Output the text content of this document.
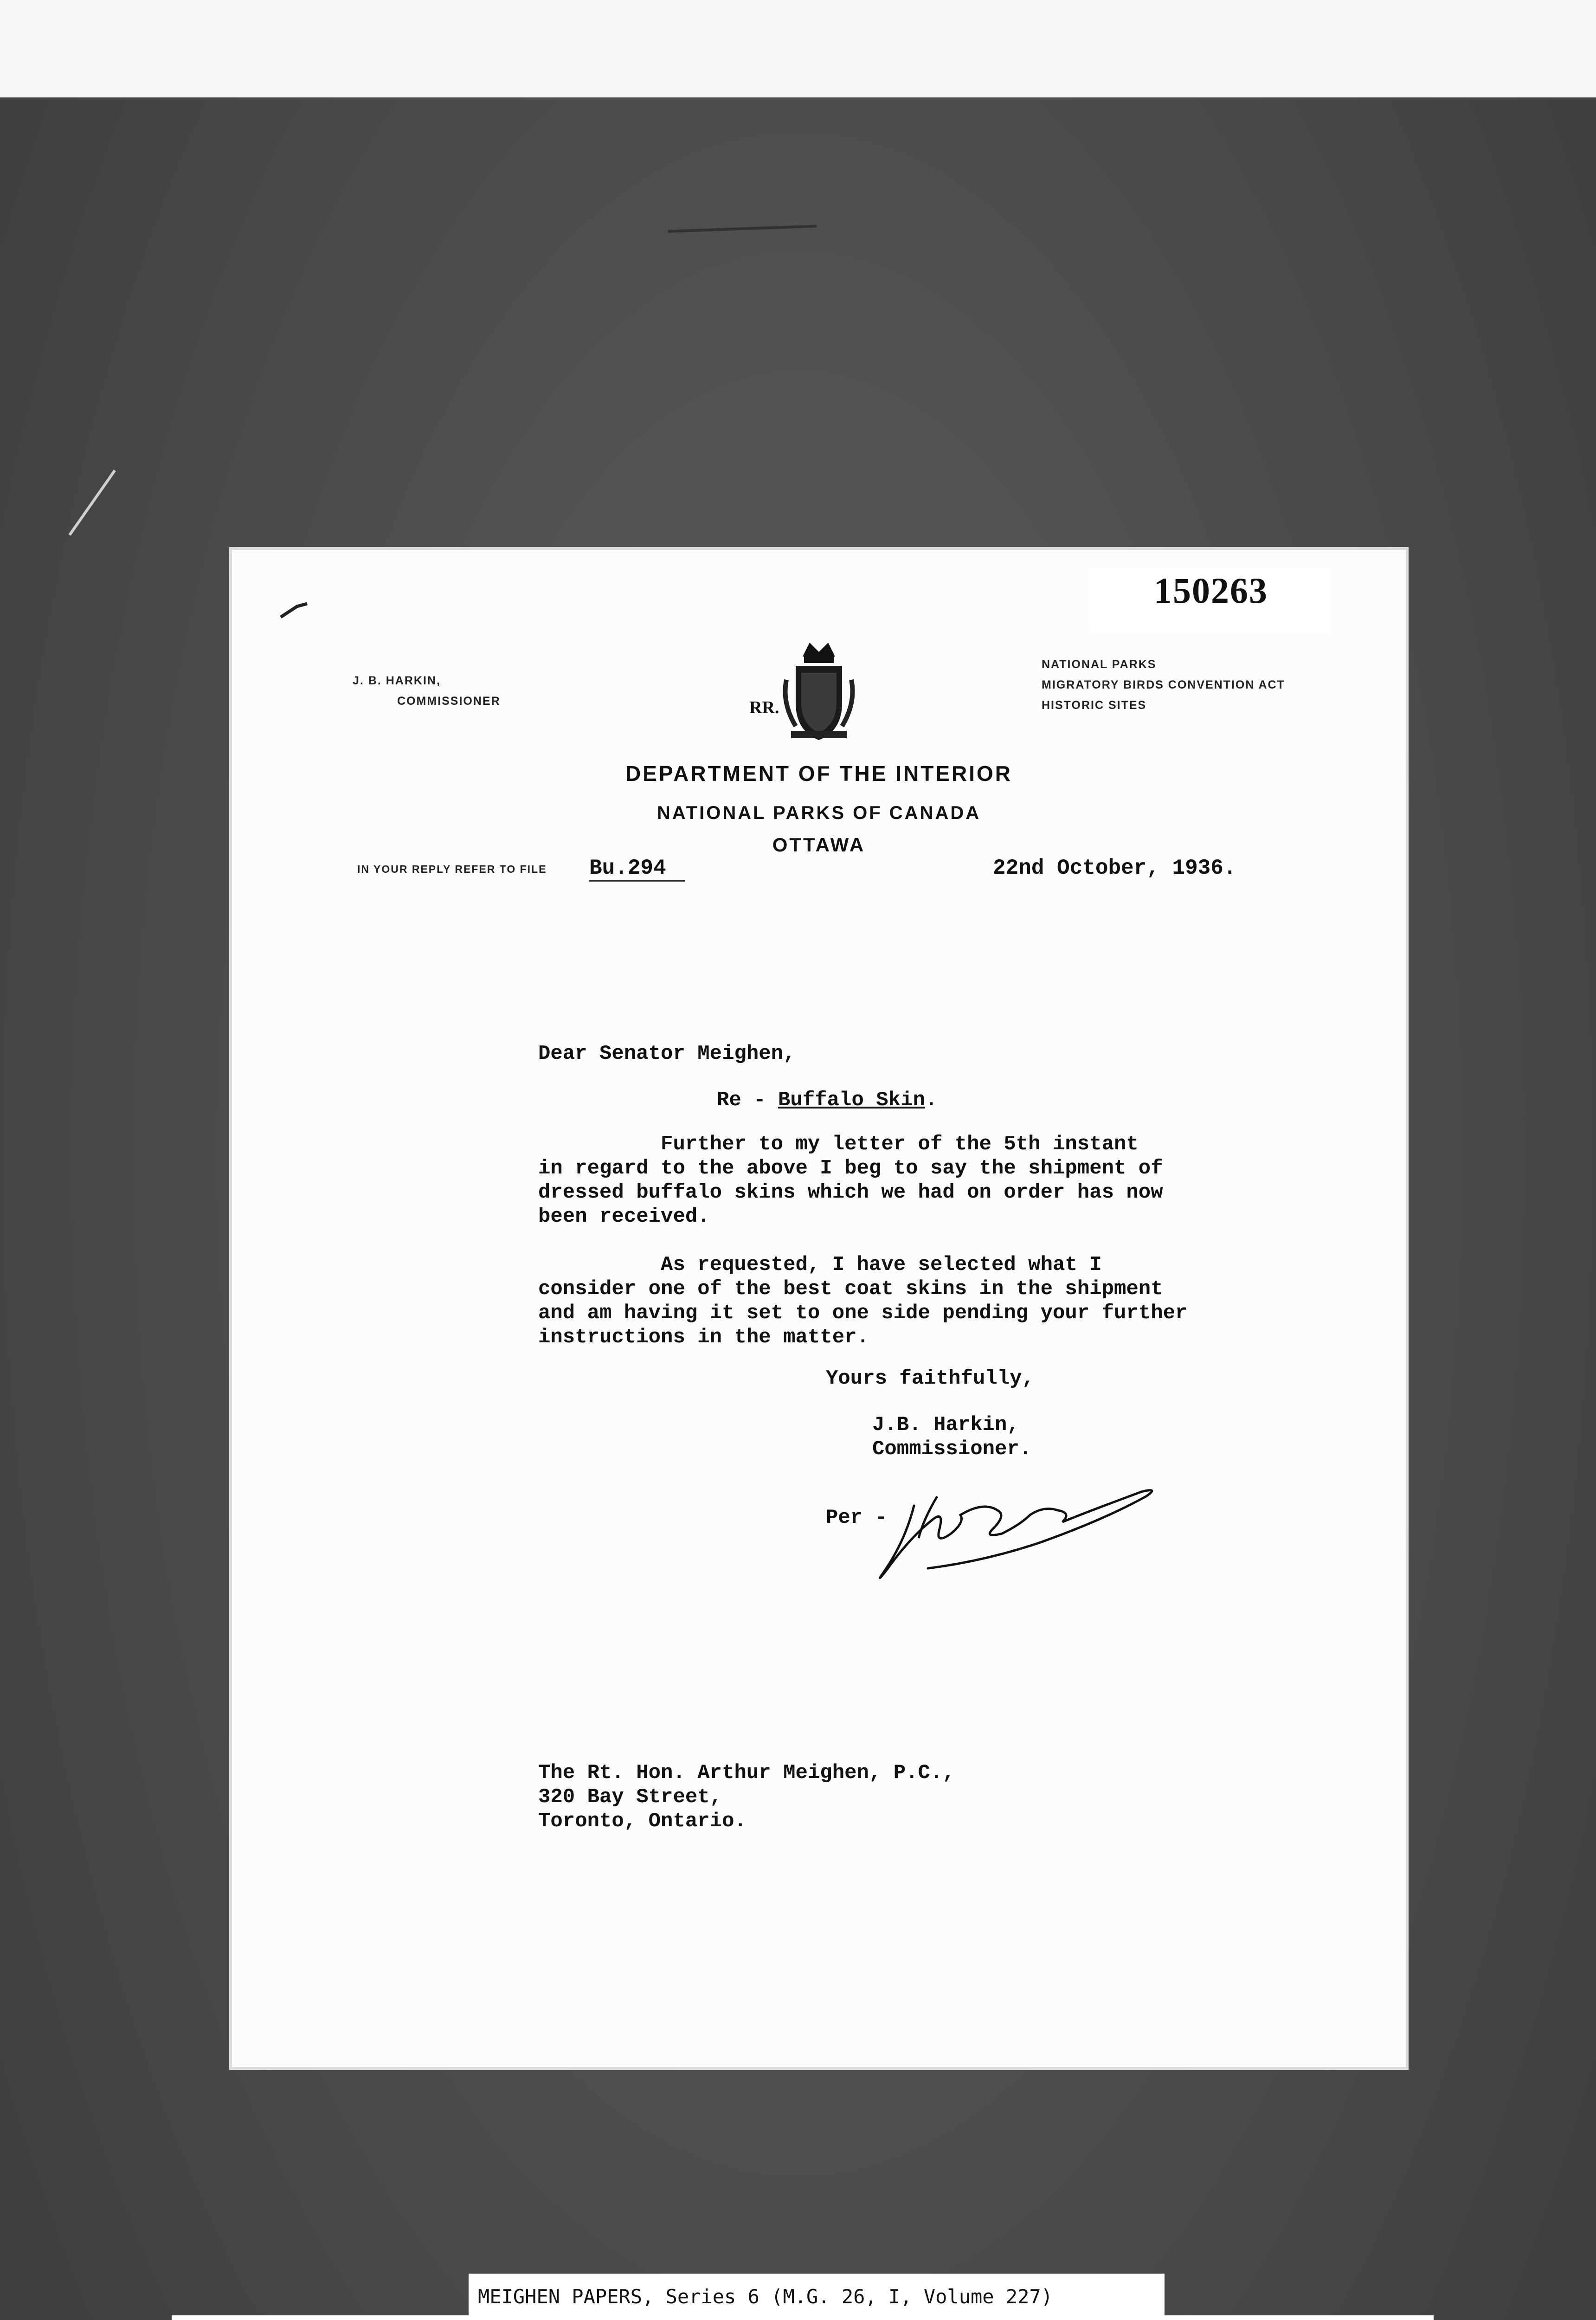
150263
J. B. HARKIN,
COMMISSIONER
NATIONAL PARKS
MIGRATORY BIRDS CONVENTION ACT
HISTORIC SITES
RR.
DEPARTMENT OF THE INTERIOR
NATIONAL PARKS OF CANADA
OTTAWA
IN YOUR REPLY REFER TO FILE Bu.294	22nd October, 1936.
Dear Senator Meighen,
Re - Buffalo Skin.
Further to my letter of the 5th instant
in regard to the above I beg to say the shipment of
dressed buffalo skins which we had on order has now
been received.
As requested, I have selected what I
consider one of the best coat skins in the shipment
and am having it set to one side pending your further
instructions in the matter.
Yours faithfully,
J.B. Harkin,
Commissioner.
Per -
The Rt. Hon. Arthur Meighen, P.C.,
320 Bay Street,
Toronto, Ontario.
MEIGHEN PAPERS, Series 6 (M.G. 26, I, Volume 227)
